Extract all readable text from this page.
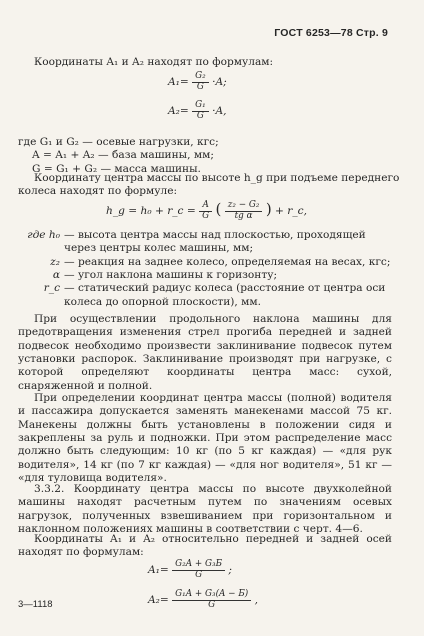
ГОСТ 6253—78 Стр. 9
Координаты A₁ и A₂ находят по формулам:
$A_1= \frac{\text{G₂}}{G} \cdot A$;
$A_2= \frac{\text{G₁}}{G} \cdot A$,
где G₁ и G₂ — осевые нагрузки, кгс;
A = A₁ + A₂ — база машины, мм;
G = G₁ + G₂ — масса машины.
Координату центра массы по высоте h_g при подъеме переднего
колеса находят по формуле:
h_g = h₀ + r_c = $\frac{A}{G}$ ( $\frac{\text{z₂ − G₂}}{\text{tg α}}$ ) + r_c,
где h₀ — высота центра массы над плоскостью, проходящей через центры колес машины, мм;
z₂ — реакция на заднее колесо, определяемая на весах, кгс;
α — угол наклона машины к горизонту;
r_c — статический радиус колеса (расстояние от центра оси колеса до опорной плоскости), мм.

При осуществлении продольного наклона машины для предотвращения изменения стрел прогиба передней и задней подвесок необходимо произвести заклинивание подвесок путем установки распорок. Заклинивание производят при нагрузке, с которой определяют координаты центра масс: сухой, снаряженной и полной.

При определении координат центра массы (полной) водителя и пассажира допускается заменять манекенами массой 75 кг. Манекены должны быть установлены в положении сидя и закреплены за руль и подножки. При этом распределение масс должно быть следующим: 10 кг (по 5 кг каждая) — «для рук водителя», 14 кг (по 7 кг каждая) — «для ног водителя», 51 кг — «для туловища водителя».

3.3.2. Координату центра массы по высоте двухколейной машины находят расчетным путем по значениям осевых нагрузок, полученных взвешиванием при горизонтальном и наклонном положениях машины в соответствии с черт. 4—6.

Координаты A₁ и A₂ относительно передней и задней осей находят по формулам:

$A_1= \frac{\text{G₂A + G₃Б}}{G}$ ;
$A_2= \frac{\text{G₁A + G₃(A − Б)}}{G}$ ,
3—1118
